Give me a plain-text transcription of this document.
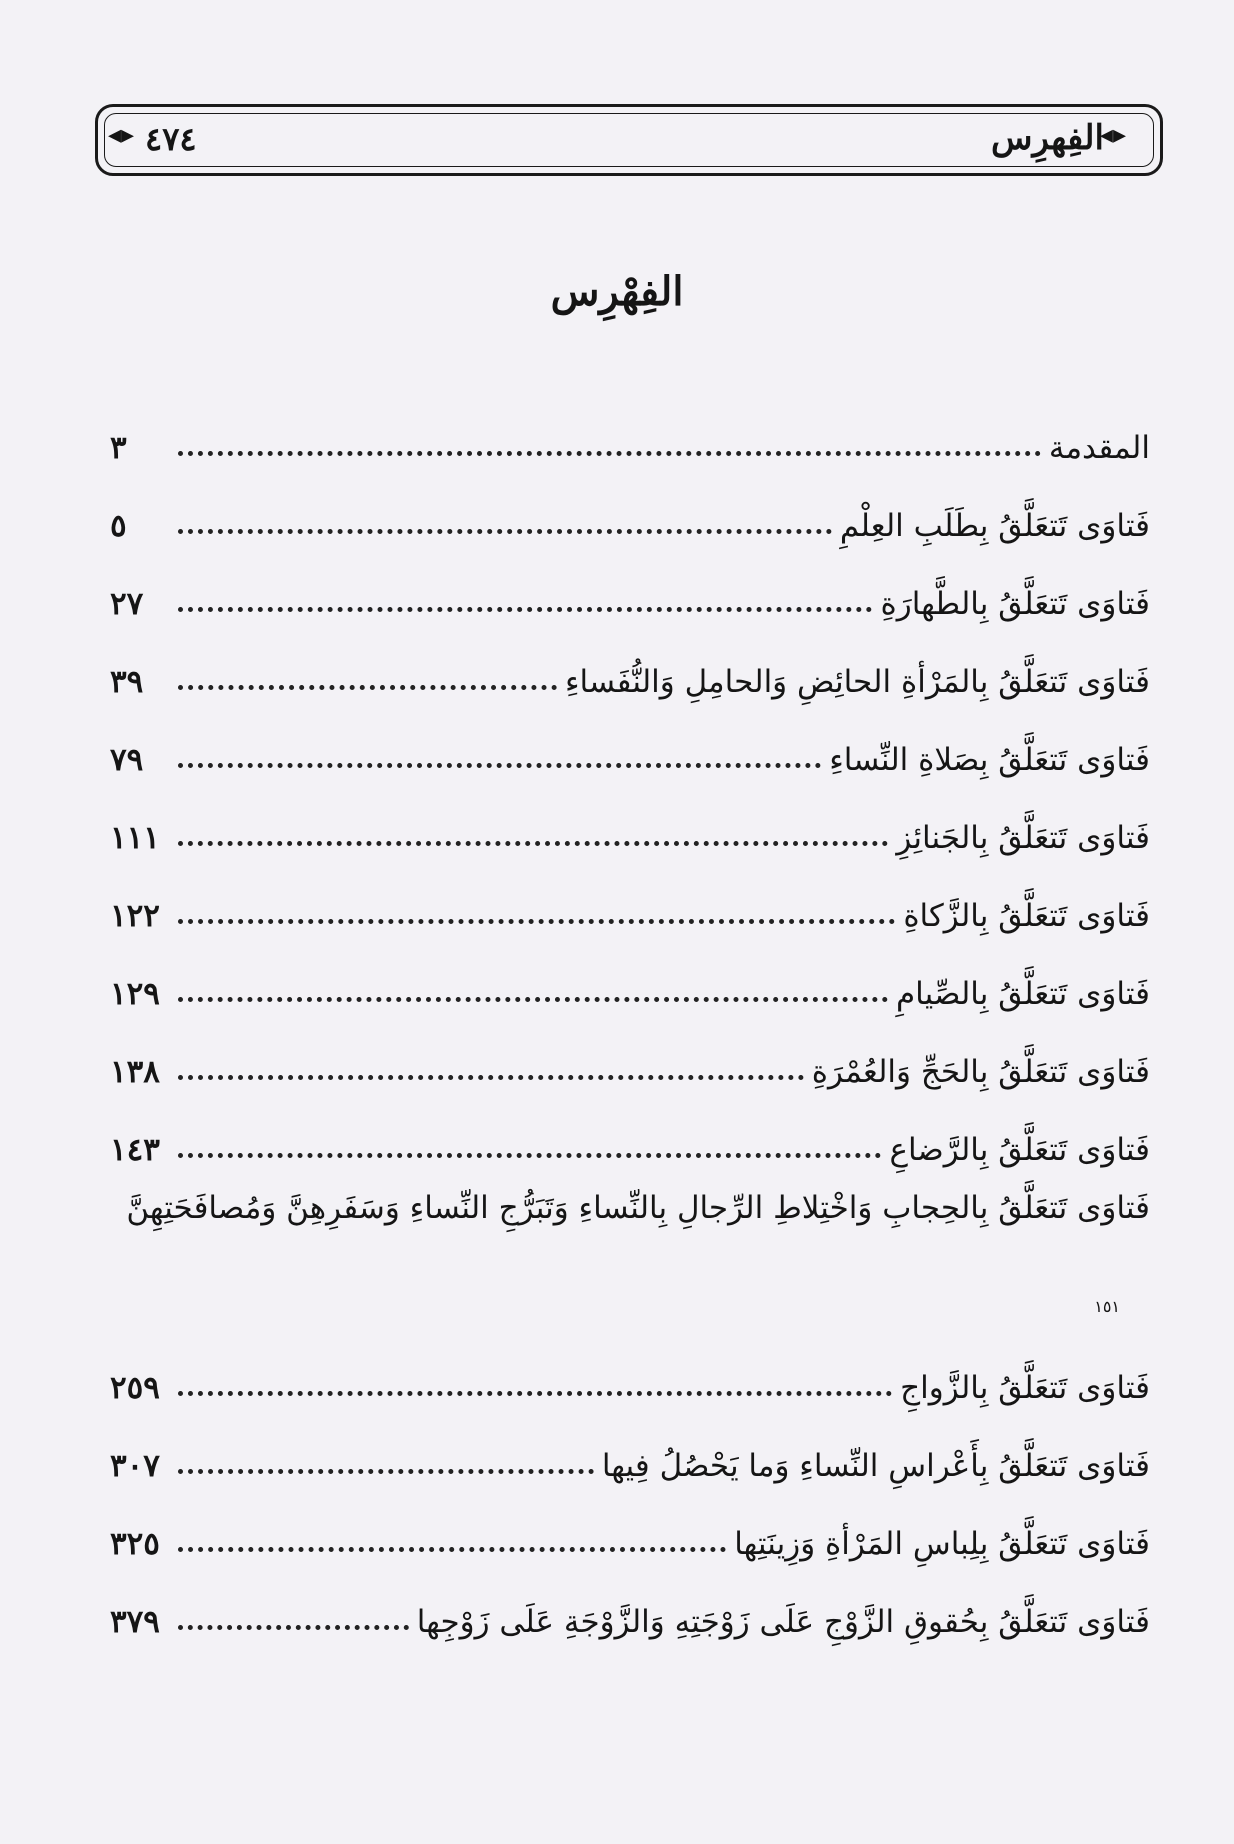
◂▸
◂▸	الفِهرِس
٤٧٤
الفِهْرِس
المقدمة
٣
فَتاوَى تَتعَلَّقُ بِطَلَبِ العِلْمِ
٥
فَتاوَى تَتعَلَّقُ بِالطَّهارَةِ
٢٧
فَتاوَى تَتعَلَّقُ بِالمَرْأةِ الحائِضِ وَالحامِلِ وَالنُّفَساءِ
٣٩
فَتاوَى تَتعَلَّقُ بِصَلاةِ النِّساءِ
٧٩
فَتاوَى تَتعَلَّقُ بِالجَنائِزِ
١١١
فَتاوَى تَتعَلَّقُ بِالزَّكاةِ
١٢٢
فَتاوَى تَتعَلَّقُ بِالصِّيامِ
١٢٩
فَتاوَى تَتعَلَّقُ بِالحَجِّ وَالعُمْرَةِ
١٣٨
فَتاوَى تَتعَلَّقُ بِالرَّضاعِ
١٤٣
فَتاوَى تَتعَلَّقُ بِالحِجابِ وَاخْتِلاطِ الرِّجالِ بِالنِّساءِ وَتَبَرُّجِ النِّساءِ وَسَفَرِهِنَّ وَمُصافَحَتِهِنَّ
١٥١
فَتاوَى تَتعَلَّقُ بِالزَّواجِ
٢٥٩
فَتاوَى تَتعَلَّقُ بِأَعْراسِ النِّساءِ وَما يَحْصُلُ فِيها
٣٠٧
فَتاوَى تَتعَلَّقُ بِلِباسِ المَرْأةِ وَزِينَتِها
٣٢٥
فَتاوَى تَتعَلَّقُ بِحُقوقِ الزَّوْجِ عَلَى زَوْجَتِهِ وَالزَّوْجَةِ عَلَى زَوْجِها
٣٧٩
